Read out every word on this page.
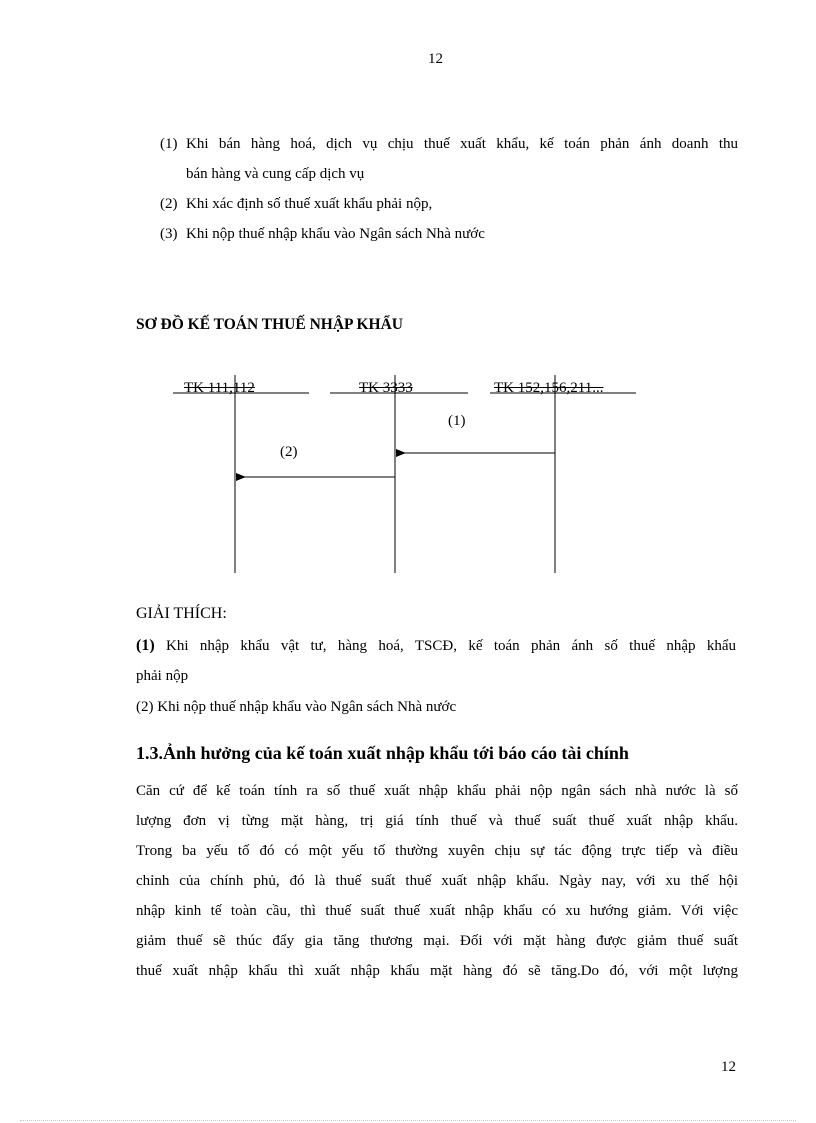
12
(1) Khi bán hàng hoá, dịch vụ chịu thuế xuất khẩu, kế toán phản ánh doanh thu
bán hàng và cung cấp dịch vụ
(2) Khi xác định số thuế xuất khẩu phải nộp,
(3) Khi nộp thuế nhập khẩu vào Ngân sách Nhà nước
SƠ ĐỒ KẾ TOÁN THUẾ NHẬP KHẨU
TK 111,112	TK 3333	TK 152,156,211...
(1)
(2)
GIẢI THÍCH:
(1) Khi nhập khẩu vật tư, hàng hoá, TSCĐ, kế toán phản ánh số thuế nhập khẩu
phải nộp
(2) Khi nộp thuế nhập khẩu vào Ngân sách Nhà nước
1.3.Ảnh hưởng của kế toán xuất nhập khẩu tới báo cáo tài chính
Căn cứ để kế toán tính ra số thuế xuất nhập khẩu phải nộp ngân sách nhà nước là số
lượng đơn vị từng mặt hàng, trị giá tính thuế và thuế suất thuế xuất nhập khẩu.
Trong ba yếu tố đó có một yếu tố thường xuyên chịu sự tác động trực tiếp và điều
chỉnh của chính phủ, đó là thuế suất thuế xuất nhập khẩu. Ngày nay, với xu thế hội
nhập kinh tế toàn cầu, thì thuế suất thuế xuất nhập khẩu có xu hướng giảm. Với việc
giảm thuế sẽ thúc đẩy gia tăng thương mại. Đối với mặt hàng được giảm thuế suất
thuế xuất nhập khẩu thì xuất nhập khẩu mặt hàng đó sẽ tăng.Do đó, với một lượng
12
